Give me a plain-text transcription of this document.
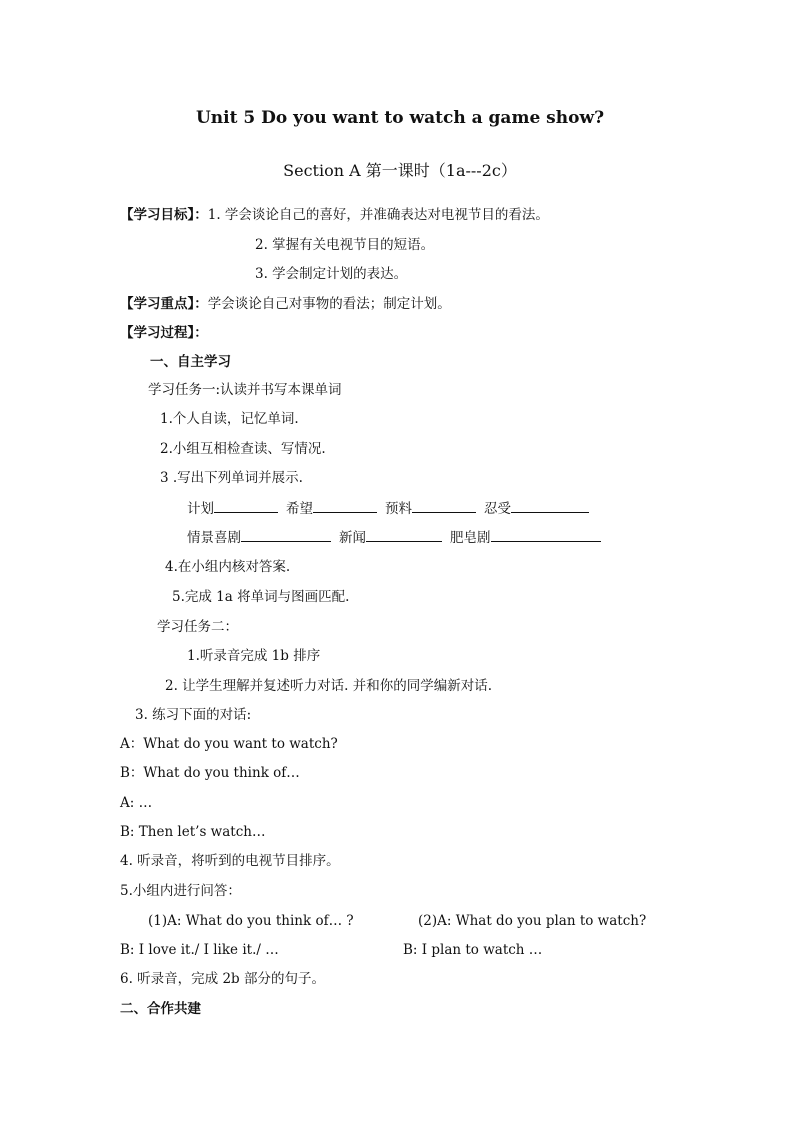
Unit 5 Do you want to watch a game show?
Section A 第一课时（1a---2c）
【学习目标】：1. 学会谈论自己的喜好，并准确表达对电视节目的看法。
2. 掌握有关电视节目的短语。
3. 学会制定计划的表达。
【学习重点】：学会谈论自己对事物的看法；制定计划。
【学习过程】：
一、自主学习
学习任务一:认读并书写本课单词
1.个人自读，记忆单词.
2.小组互相检查读、写情况.
3 .写出下列单词并展示.
计划	希望	预料	忍受
情景喜剧	新闻	肥皂剧
4.在小组内核对答案.
5.完成 1a 将单词与图画匹配.
学习任务二：
1.听录音完成 1b 排序
2. 让学生理解并复述听力对话. 并和你的同学编新对话.
3. 练习下面的对话:
A：What do you want to watch?
B：What do you think of…
A: …
B: Then let’s watch…
4. 听录音，将听到的电视节目排序。
5.小组内进行问答：
(1)A: What do you think of… ?	(2)A: What do you plan to watch?
B: I love it./ I like it./ …	B: I plan to watch …
6. 听录音，完成 2b 部分的句子。
二、合作共建
